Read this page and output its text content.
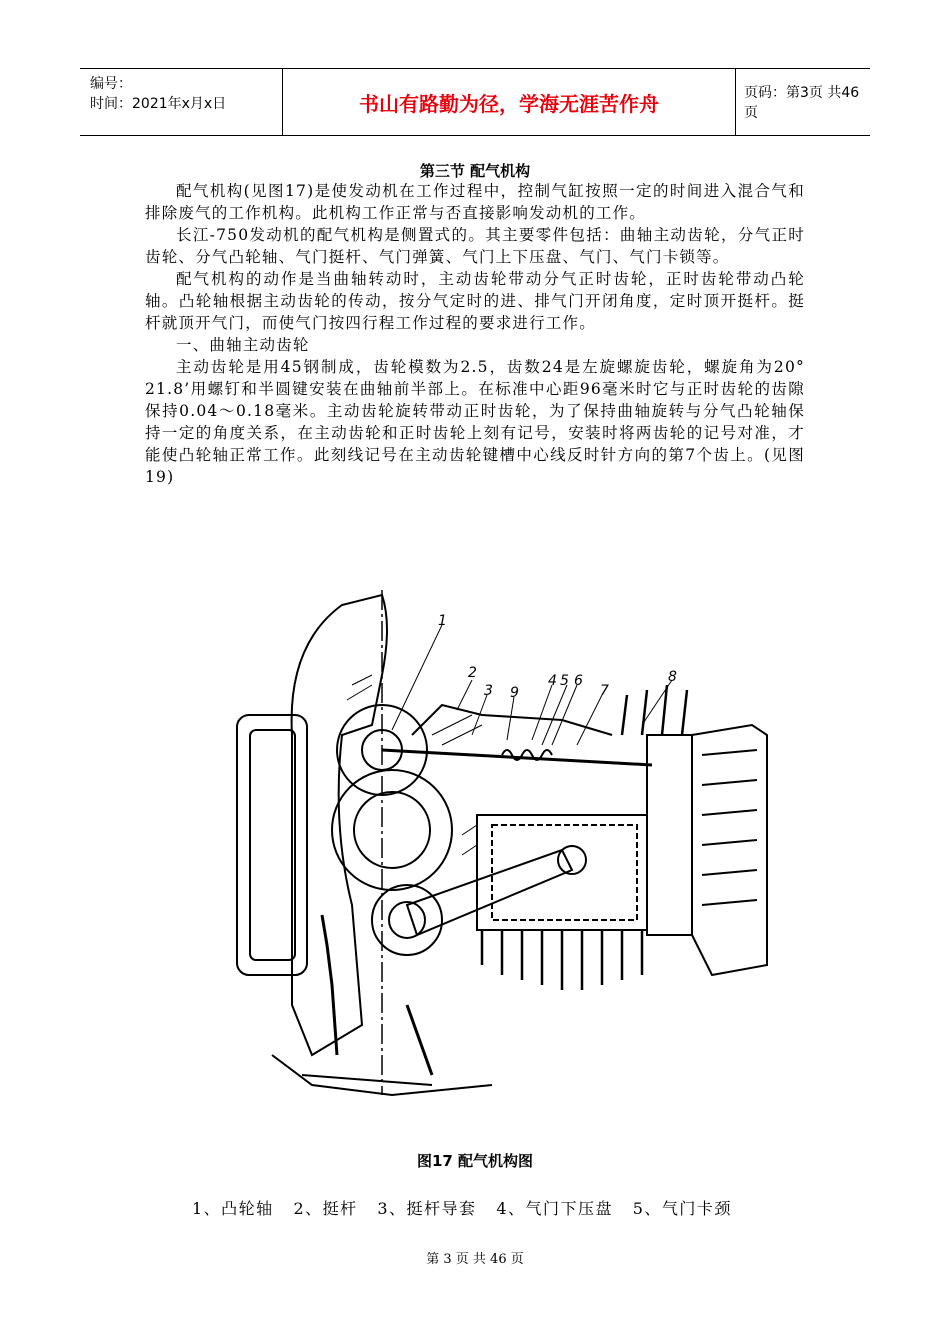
编号：
时间：2021年x月x日	书山有路勤为径，学海无涯苦作舟	页码：第3页 共46页
第三节 配气机构

配气机构(见图17)是使发动机在工作过程中，控制气缸按照一定的时间进入混合气和排除废气的工作机构。此机构工作正常与否直接影响发动机的工作。

长江-750发动机的配气机构是侧置式的。其主要零件包括：曲轴主动齿轮，分气正时齿轮、分气凸轮轴、气门挺杆、气门弹簧、气门上下压盘、气门、气门卡锁等。

配气机构的动作是当曲轴转动时，主动齿轮带动分气正时齿轮，正时齿轮带动凸轮轴。凸轮轴根据主动齿轮的传动，按分气定时的进、排气门开闭角度，定时顶开挺杆。挺杆就顶开气门，而使气门按四行程工作过程的要求进行工作。

一、曲轴主动齿轮

主动齿轮是用45钢制成，齿轮模数为2.5，齿数24是左旋螺旋齿轮，螺旋角为20° 21.8’用螺钉和半圆键安装在曲轴前半部上。在标准中心距96毫米时它与正时齿轮的齿隙保持0.04～0.18毫米。主动齿轮旋转带动正时齿轮，为了保持曲轴旋转与分气凸轮轴保持一定的角度关系，在主动齿轮和正时齿轮上刻有记号，安装时将两齿轮的记号对准，才能使凸轮轴正常工作。此刻线记号在主动齿轮键槽中心线反时针方向的第7个齿上。(见图19)

1
2
3 9
4 5 6
7
8
图17 配气机构图
1、凸轮轴   2、挺杆   3、挺杆导套   4、气门下压盘   5、气门卡颈
第 3 页 共 46 页
